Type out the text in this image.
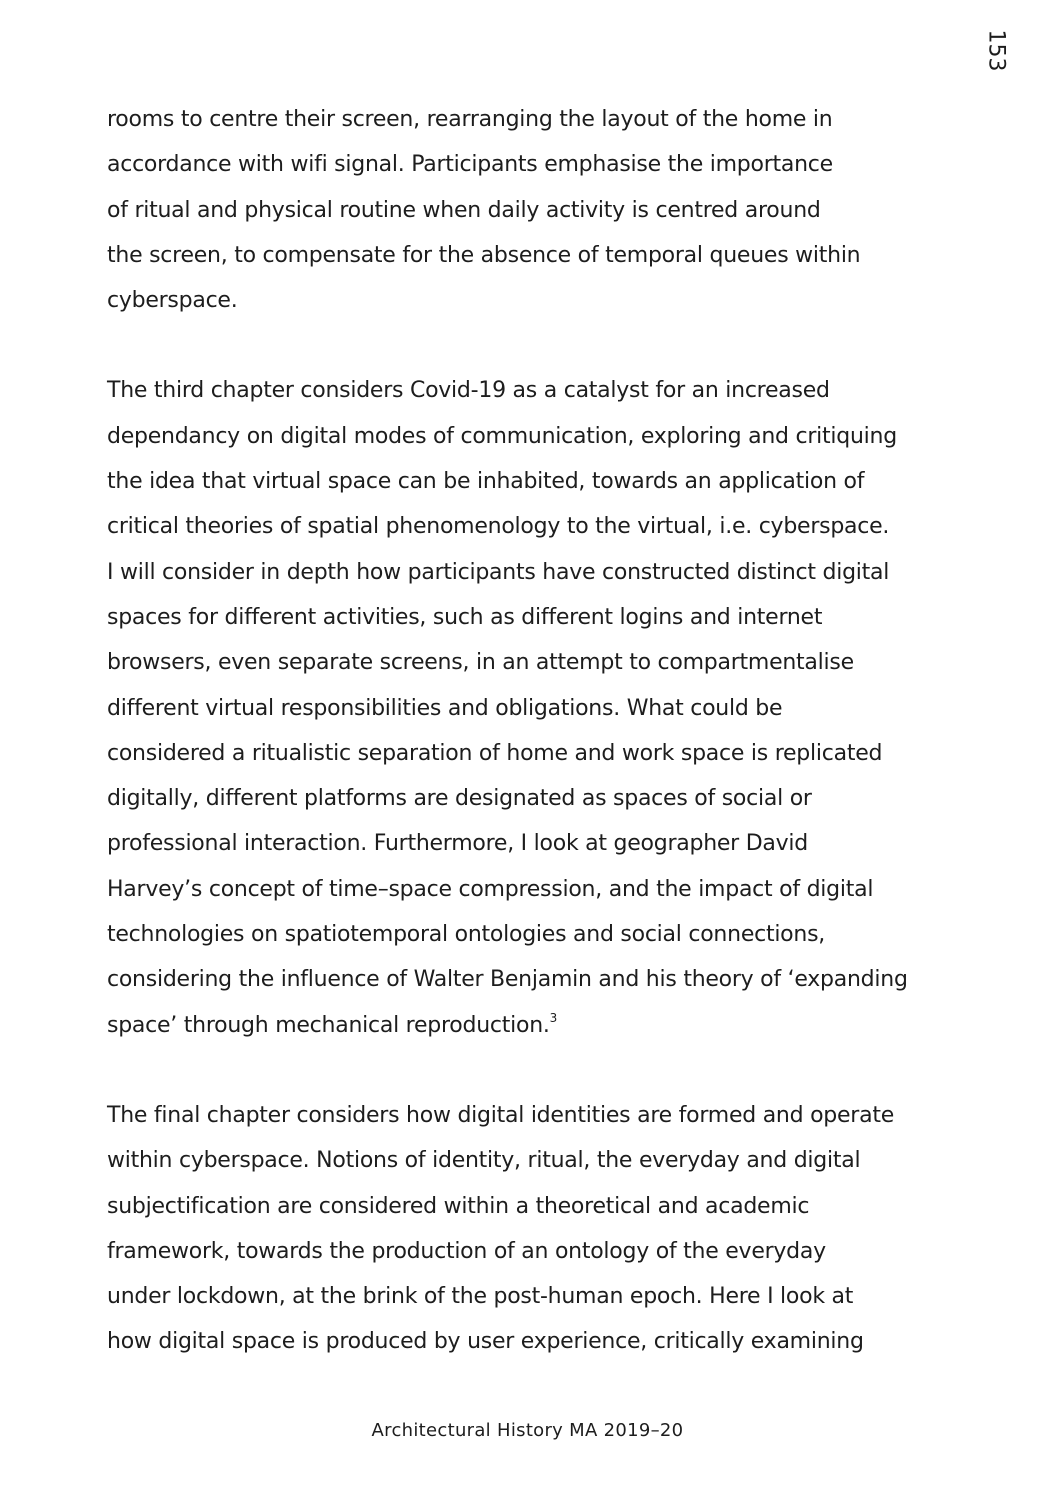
153

rooms to centre their screen, rearranging the layout of the home in
accordance with wifi signal. Participants emphasise the importance
of ritual and physical routine when daily activity is centred around
the screen, to compensate for the absence of temporal queues within
cyberspace.

The third chapter considers Covid-19 as a catalyst for an increased
dependancy on digital modes of communication, exploring and critiquing
the idea that virtual space can be inhabited, towards an application of
critical theories of spatial phenomenology to the virtual, i.e. cyberspace.
I will consider in depth how participants have constructed distinct digital
spaces for different activities, such as different logins and internet
browsers, even separate screens, in an attempt to compartmentalise
different virtual responsibilities and obligations. What could be
considered a ritualistic separation of home and work space is replicated
digitally, different platforms are designated as spaces of social or
professional interaction. Furthermore, I look at geographer David
Harvey’s concept of time–space compression, and the impact of digital
technologies on spatiotemporal ontologies and social connections,
considering the influence of Walter Benjamin and his theory of ‘expanding
space’ through mechanical reproduction.$^3$

The final chapter considers how digital identities are formed and operate
within cyberspace. Notions of identity, ritual, the everyday and digital
subjectification are considered within a theoretical and academic
framework, towards the production of an ontology of the everyday
under lockdown, at the brink of the post-human epoch. Here I look at
how digital space is produced by user experience, critically examining

Architectural History MA 2019–20
